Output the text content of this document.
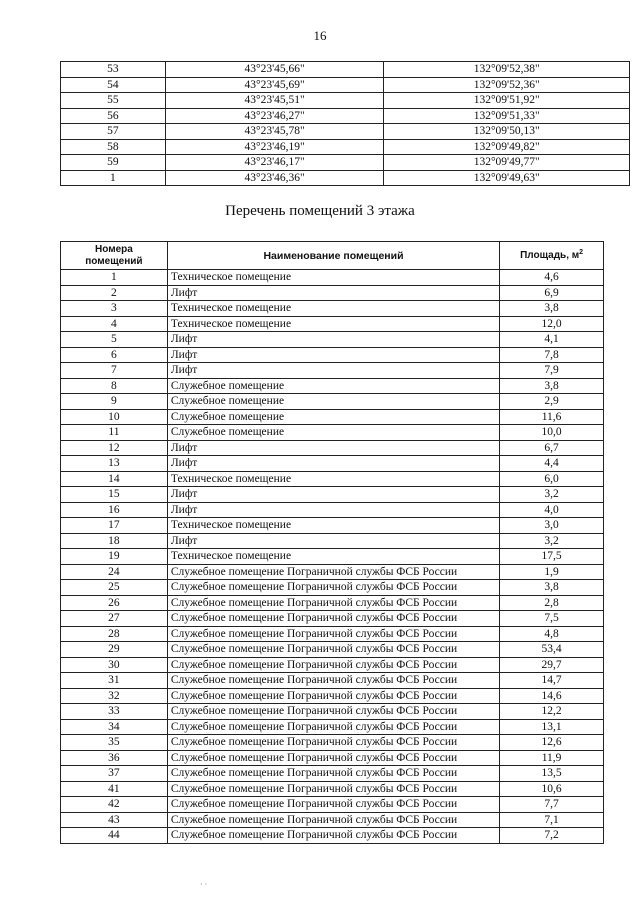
16
53	43°23'45,66"	132°09'52,38"
54	43°23'45,69"	132°09'52,36"
55	43°23'45,51"	132°09'51,92"
56	43°23'46,27"	132°09'51,33"
57	43°23'45,78"	132°09'50,13"
58	43°23'46,19"	132°09'49,82"
59	43°23'46,17"	132°09'49,77"
1	43°23'46,36"	132°09'49,63"
Перечень помещений 3 этажа
Номера
помещений	Наименование помещений	Площадь, $м^2$
1	Техническое помещение	4,6
2	Лифт	6,9
3	Техническое помещение	3,8
4	Техническое помещение	12,0
5	Лифт	4,1
6	Лифт	7,8
7	Лифт	7,9
8	Служебное помещение	3,8
9	Служебное помещение	2,9
10	Служебное помещение	11,6
11	Служебное помещение	10,0
12	Лифт	6,7
13	Лифт	4,4
14	Техническое помещение	6,0
15	Лифт	3,2
16	Лифт	4,0
17	Техническое помещение	3,0
18	Лифт	3,2
19	Техническое помещение	17,5
24	Служебное помещение Пограничной службы ФСБ России	1,9
25	Служебное помещение Пограничной службы ФСБ России	3,8
26	Служебное помещение Пограничной службы ФСБ России	2,8
27	Служебное помещение Пограничной службы ФСБ России	7,5
28	Служебное помещение Пограничной службы ФСБ России	4,8
29	Служебное помещение Пограничной службы ФСБ России	53,4
30	Служебное помещение Пограничной службы ФСБ России	29,7
31	Служебное помещение Пограничной службы ФСБ России	14,7
32	Служебное помещение Пограничной службы ФСБ России	14,6
33	Служебное помещение Пограничной службы ФСБ России	12,2
34	Служебное помещение Пограничной службы ФСБ России	13,1
35	Служебное помещение Пограничной службы ФСБ России	12,6
36	Служебное помещение Пограничной службы ФСБ России	11,9
37	Служебное помещение Пограничной службы ФСБ России	13,5
41	Служебное помещение Пограничной службы ФСБ России	10,6
42	Служебное помещение Пограничной службы ФСБ России	7,7
43	Служебное помещение Пограничной службы ФСБ России	7,1
44	Служебное помещение Пограничной службы ФСБ России	7,2
· ·
